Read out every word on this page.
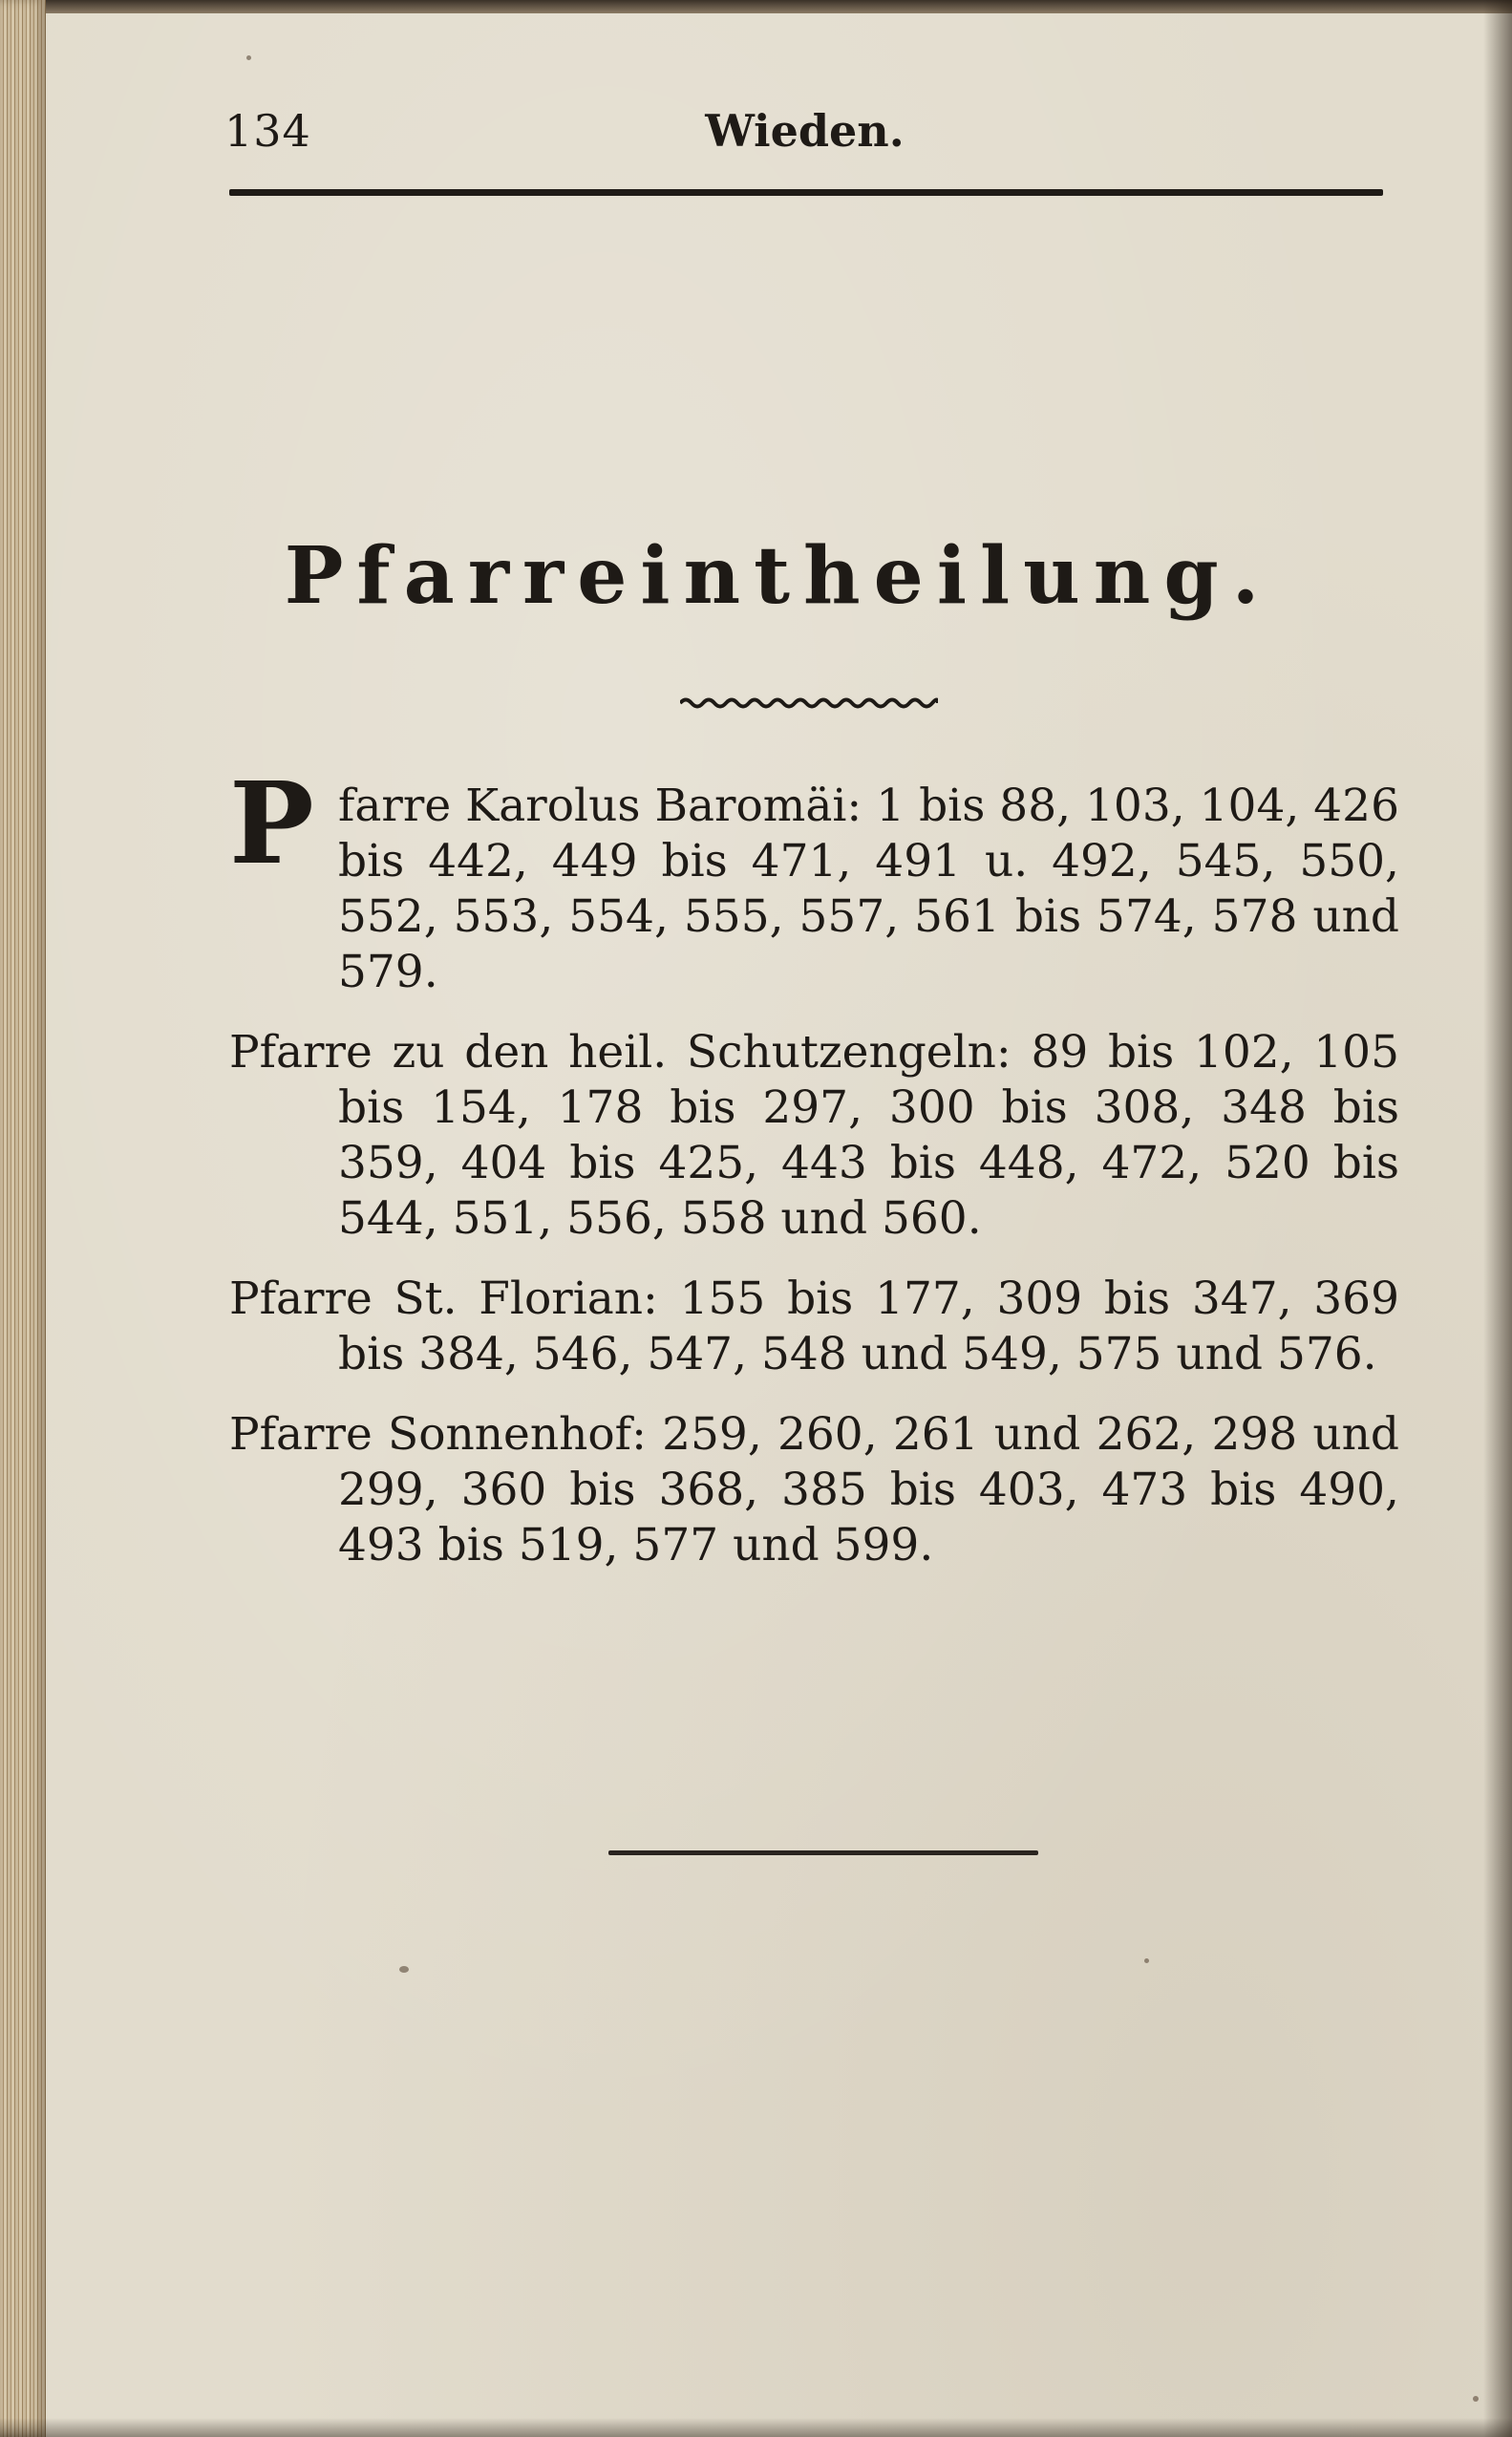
134	Wieden.
Pfarreintheilung.

P farre Karolus Baromäi: 1 bis 88, 103, 104, 426 bis 442, 449 bis 471, 491 u. 492, 545, 550, 552, 553, 554, 555, 557, 561 bis 574, 578 und 579.

Pfarre zu den heil. Schutzengeln: 89 bis 102, 105 bis 154, 178 bis 297, 300 bis 308, 348 bis 359, 404 bis 425, 443 bis 448, 472, 520 bis 544, 551, 556, 558 und 560.

Pfarre St. Florian: 155 bis 177, 309 bis 347, 369 bis 384, 546, 547, 548 und 549, 575 und 576.

Pfarre Sonnenhof: 259, 260, 261 und 262, 298 und 299, 360 bis 368, 385 bis 403, 473 bis 490, 493 bis 519, 577 und 599.
